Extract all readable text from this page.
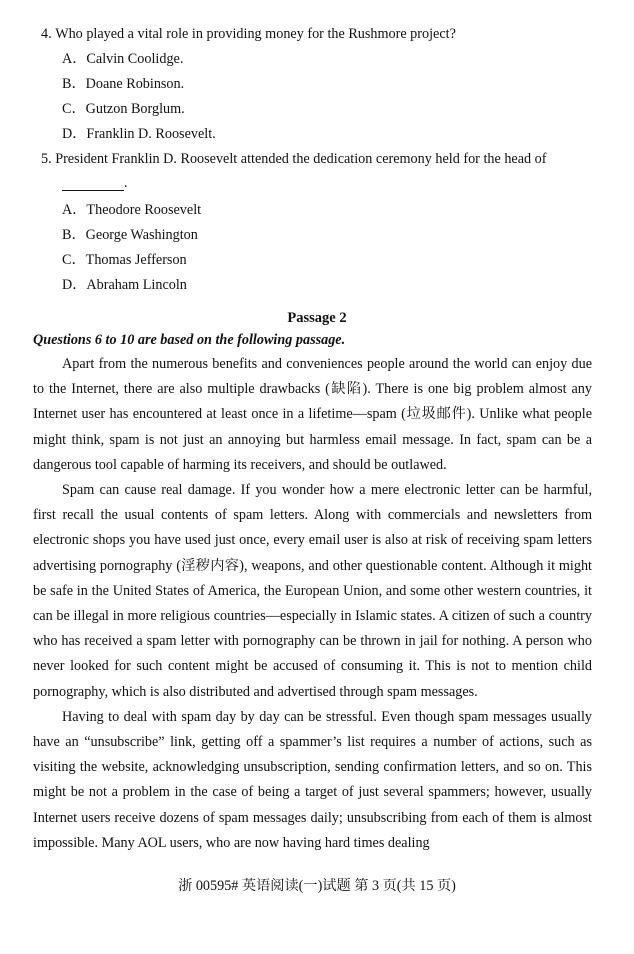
4. Who played a vital role in providing money for the Rushmore project?
A．Calvin Coolidge.
B．Doane Robinson.
C．Gutzon Borglum.
D．Franklin D. Roosevelt.
5. President Franklin D. Roosevelt attended the dedication ceremony held for the head of
.
A．Theodore Roosevelt
B．George Washington
C．Thomas Jefferson
D．Abraham Lincoln
Passage 2
Questions 6 to 10 are based on the following passage.

Apart from the numerous benefits and conveniences people around the world can enjoy due to the Internet, there are also multiple drawbacks (缺陷). There is one big problem almost any Internet user has encountered at least once in a lifetime—spam (垃圾邮件). Unlike what people might think, spam is not just an annoying but harmless email message. In fact, spam can be a dangerous tool capable of harming its receivers, and should be outlawed.

Spam can cause real damage. If you wonder how a mere electronic letter can be harmful, first recall the usual contents of spam letters. Along with commercials and newsletters from electronic shops you have used just once, every email user is also at risk of receiving spam letters advertising pornography (淫秽内容), weapons, and other questionable content. Although it might be safe in the United States of America, the European Union, and some other western countries, it can be illegal in more religious countries—especially in Islamic states. A citizen of such a country who has received a spam letter with pornography can be thrown in jail for nothing. A person who never looked for such content might be accused of consuming it. This is not to mention child pornography, which is also distributed and advertised through spam messages.

Having to deal with spam day by day can be stressful. Even though spam messages usually have an “unsubscribe” link, getting off a spammer’s list requires a number of actions, such as visiting the website, acknowledging unsubscription, sending confirmation letters, and so on. This might be not a problem in the case of being a target of just several spammers; however, usually Internet users receive dozens of spam messages daily; unsubscribing from each of them is almost impossible. Many AOL users, who are now having hard times dealing

浙 00595# 英语阅读(一)试题 第 3 页(共 15 页)
